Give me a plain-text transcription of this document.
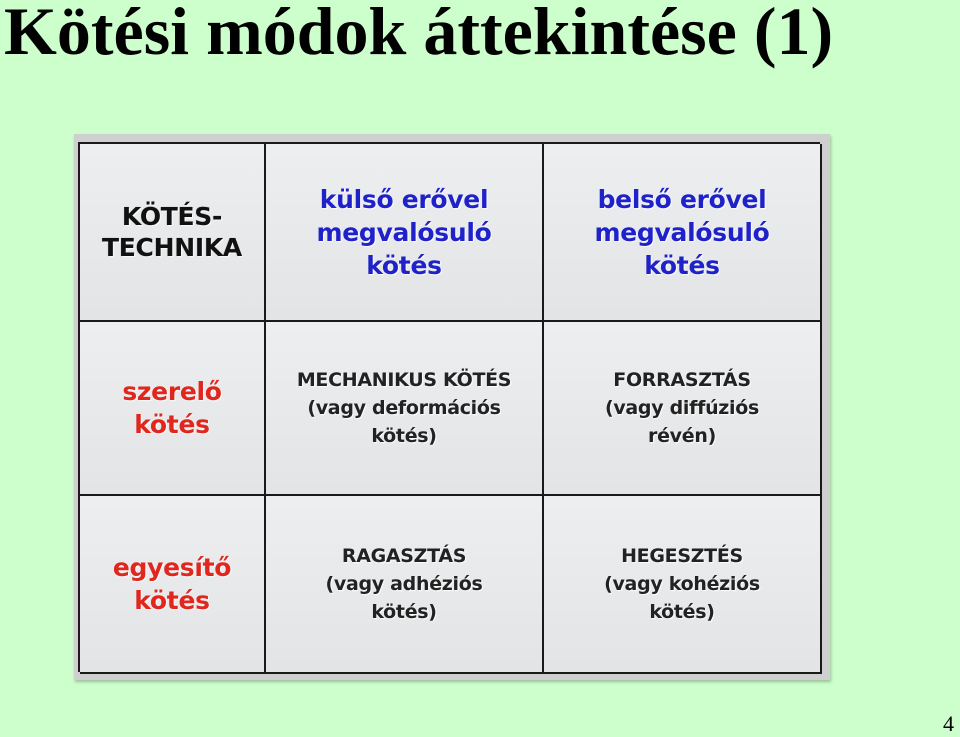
Kötési módok áttekintése (1)
KÖTÉS-
TECHNIKA
külső erővel
megvalósuló
kötés
belső erővel
megvalósuló
kötés
szerelő
kötés
MECHANIKUS KÖTÉS
(vagy deformációs
kötés)
FORRASZTÁS
(vagy diffúziós
révén)
egyesítő
kötés
RAGASZTÁS
(vagy adhéziós
kötés)
HEGESZTÉS
(vagy kohéziós
kötés)
4
